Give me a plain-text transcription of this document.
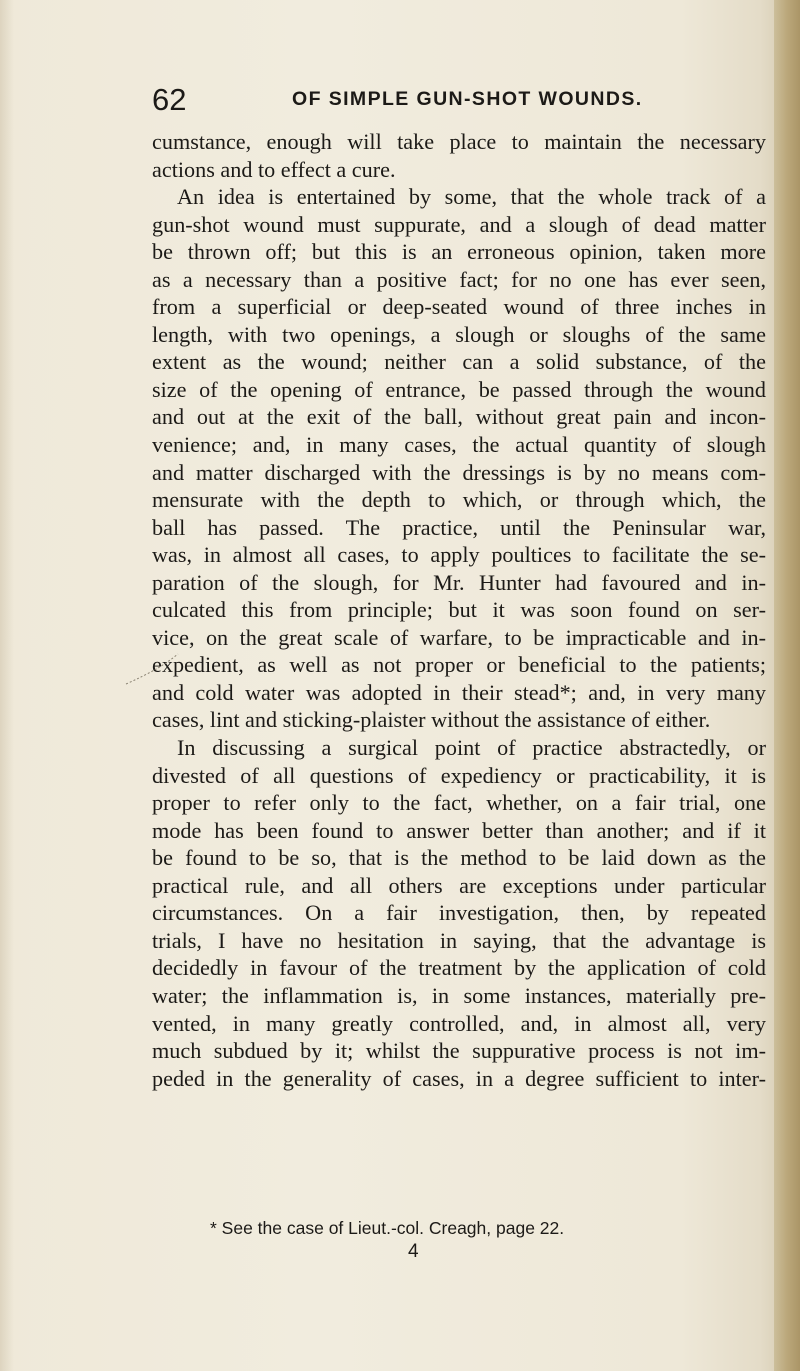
62	OF SIMPLE GUN-SHOT WOUNDS.
cumstance, enough will take place to maintain the necessary
actions and to effect a cure.
An idea is entertained by some, that the whole track of a
gun-shot wound must suppurate, and a slough of dead matter
be thrown off; but this is an erroneous opinion, taken more
as a necessary than a positive fact; for no one has ever seen,
from a superficial or deep-seated wound of three inches in
length, with two openings, a slough or sloughs of the same
extent as the wound; neither can a solid substance, of the
size of the opening of entrance, be passed through the wound
and out at the exit of the ball, without great pain and incon-
venience; and, in many cases, the actual quantity of slough
and matter discharged with the dressings is by no means com-
mensurate with the depth to which, or through which, the
ball has passed. The practice, until the Peninsular war,
was, in almost all cases, to apply poultices to facilitate the se-
paration of the slough, for Mr. Hunter had favoured and in-
culcated this from principle; but it was soon found on ser-
vice, on the great scale of warfare, to be impracticable and in-
expedient, as well as not proper or beneficial to the patients;
and cold water was adopted in their stead*; and, in very many
cases, lint and sticking-plaister without the assistance of either.
In discussing a surgical point of practice abstractedly, or
divested of all questions of expediency or practicability, it is
proper to refer only to the fact, whether, on a fair trial, one
mode has been found to answer better than another; and if it
be found to be so, that is the method to be laid down as the
practical rule, and all others are exceptions under particular
circumstances. On a fair investigation, then, by repeated
trials, I have no hesitation in saying, that the advantage is
decidedly in favour of the treatment by the application of cold
water; the inflammation is, in some instances, materially pre-
vented, in many greatly controlled, and, in almost all, very
much subdued by it; whilst the suppurative process is not im-
peded in the generality of cases, in a degree sufficient to inter-
* See the case of Lieut.-col. Creagh, page 22.
4
